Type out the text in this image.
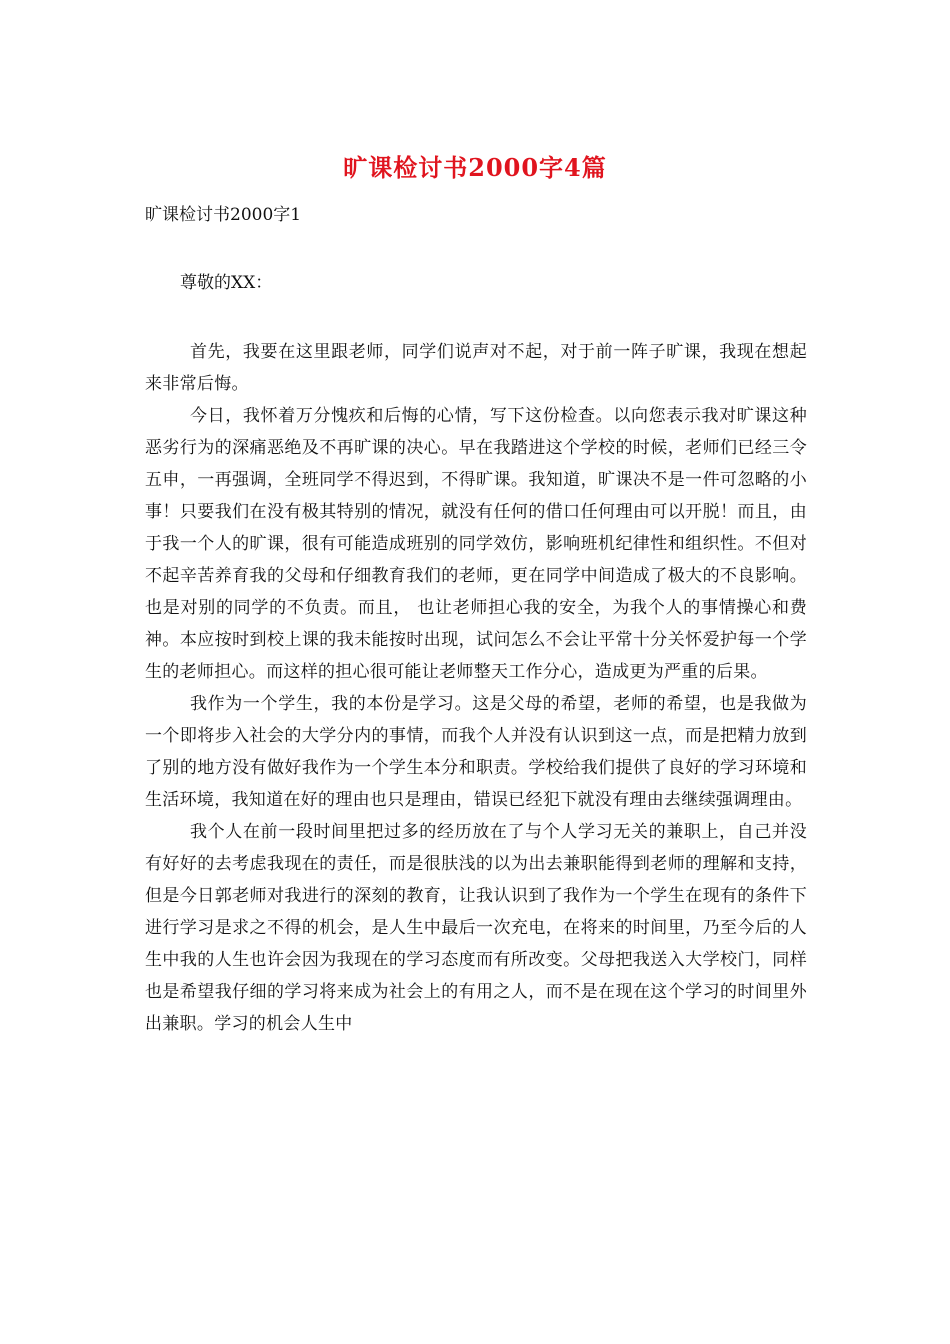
旷课检讨书2000字4篇
旷课检讨书2000字1
尊敬的XX：

首先，我要在这里跟老师，同学们说声对不起，对于前一阵子旷课，我现在想起来非常后悔。

今日，我怀着万分愧疚和后悔的心情，写下这份检查。以向您表示我对旷课这种恶劣行为的深痛恶绝及不再旷课的决心。早在我踏进这个学校的时候，老师们已经三令五申，一再强调，全班同学不得迟到，不得旷课。我知道，旷课决不是一件可忽略的小事！只要我们在没有极其特别的情况，就没有任何的借口任何理由可以开脱！而且，由于我一个人的旷课，很有可能造成班别的同学效仿，影响班机纪律性和组织性。不但对不起辛苦养育我的父母和仔细教育我们的老师，更在同学中间造成了极大的不良影响。也是对别的同学的不负责。而且， 也让老师担心我的安全，为我个人的事情操心和费神。本应按时到校上课的我未能按时出现，试问怎么不会让平常十分关怀爱护每一个学生的老师担心。而这样的担心很可能让老师整天工作分心，造成更为严重的后果。

我作为一个学生，我的本份是学习。这是父母的希望，老师的希望，也是我做为一个即将步入社会的大学分内的事情，而我个人并没有认识到这一点，而是把精力放到了别的地方没有做好我作为一个学生本分和职责。学校给我们提供了良好的学习环境和生活环境，我知道在好的理由也只是理由，错误已经犯下就没有理由去继续强调理由。

我个人在前一段时间里把过多的经历放在了与个人学习无关的兼职上，自己并没有好好的去考虑我现在的责任，而是很肤浅的以为出去兼职能得到老师的理解和支持，但是今日郭老师对我进行的深刻的教育，让我认识到了我作为一个学生在现有的条件下进行学习是求之不得的机会，是人生中最后一次充电，在将来的时间里，乃至今后的人生中我的人生也许会因为我现在的学习态度而有所改变。父母把我送入大学校门，同样也是希望我仔细的学习将来成为社会上的有用之人，而不是在现在这个学习的时间里外出兼职。学习的机会人生中
